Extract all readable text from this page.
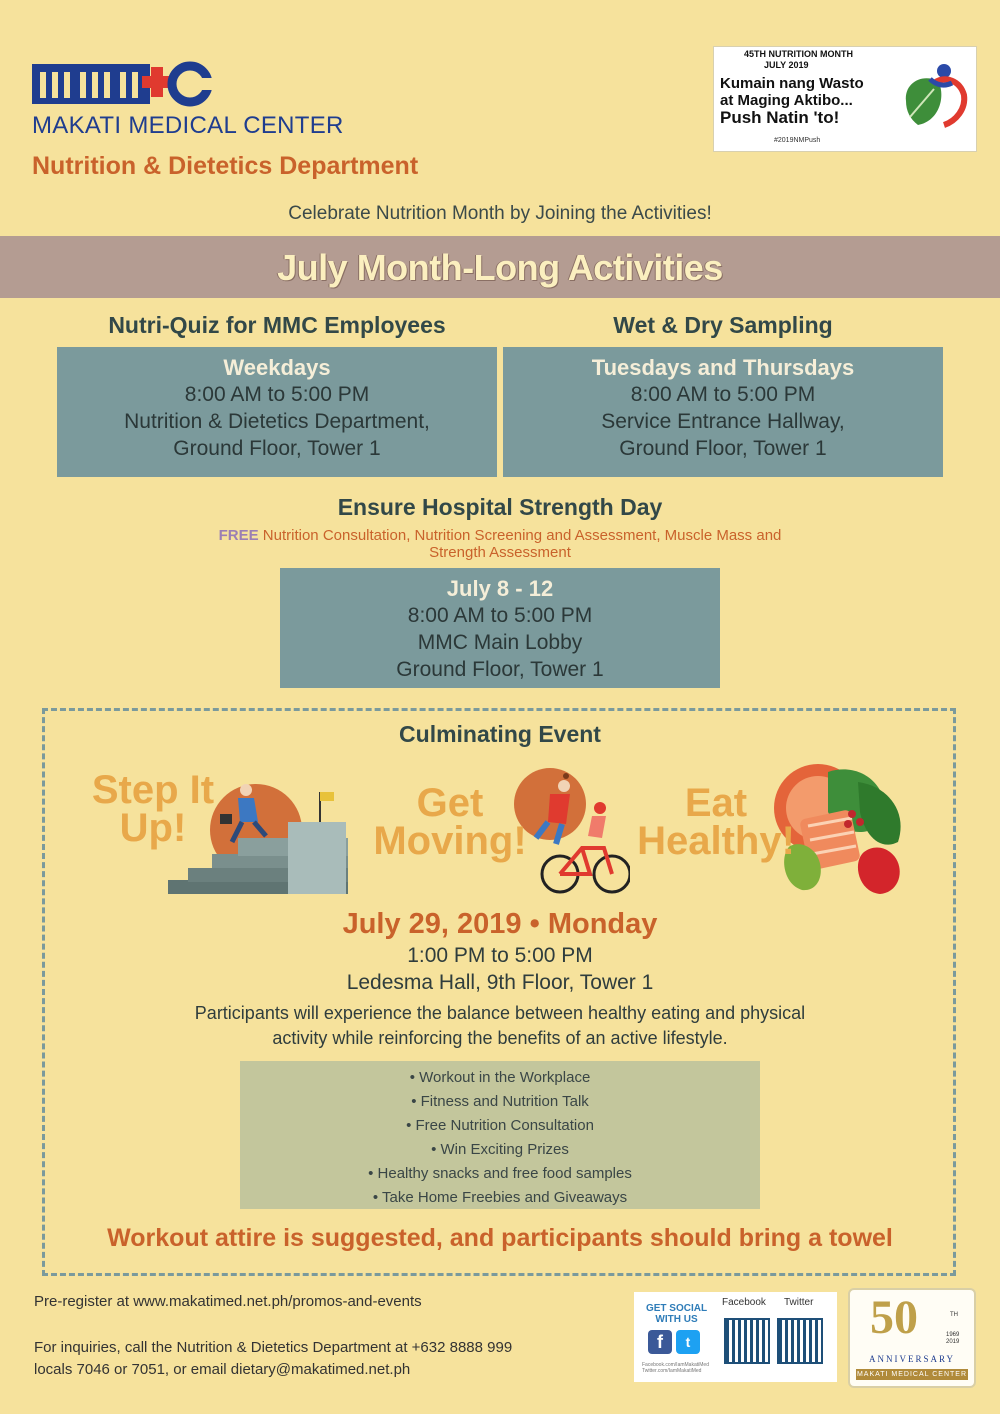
MAKATI MEDICAL CENTER
Nutrition & Dietetics Department
45TH NUTRITION MONTH
JULY 2019
Kumain nang Wasto
at Maging Aktibo...
Push Natin 'to!
#2019NMPush
Celebrate Nutrition Month by Joining the Activities!
July Month-Long Activities
Nutri-Quiz for MMC Employees	Wet & Dry Sampling
Weekdays
8:00 AM to 5:00 PM
Nutrition & Dietetics Department,
Ground Floor, Tower 1
Tuesdays and Thursdays
8:00 AM to 5:00 PM
Service Entrance Hallway,
Ground Floor, Tower 1
Ensure Hospital Strength Day
FREE Nutrition Consultation, Nutrition Screening and Assessment, Muscle Mass and Strength Assessment
July 8 - 12
8:00 AM to 5:00 PM
MMC Main Lobby
Ground Floor, Tower 1
Culminating Event
Step It
Up!
Get
Moving!
Eat
Healthy!
July 29, 2019 • Monday
1:00 PM to 5:00 PM
Ledesma Hall, 9th Floor, Tower 1
Participants will experience the balance between healthy eating and physical activity while reinforcing the benefits of an active lifestyle.
• Workout in the Workplace
• Fitness and Nutrition Talk
• Free Nutrition Consultation
• Win Exciting Prizes
• Healthy snacks and free food samples
• Take Home Freebies and Giveaways
Workout attire is suggested, and participants should bring a towel
Pre-register at www.makatimed.net.ph/promos-and-events
For inquiries, call the Nutrition & Dietetics Department at +632 8888 999
locals 7046 or 7051, or email dietary@makatimed.net.ph
GET SOCIAL WITH US
f	t
Facebook Twitter
Facebook.com/IamMakatiMed
Twitter.com/IamMakatiMed
50	TH
1969
2019
ANNIVERSARY
MAKATI MEDICAL CENTER
